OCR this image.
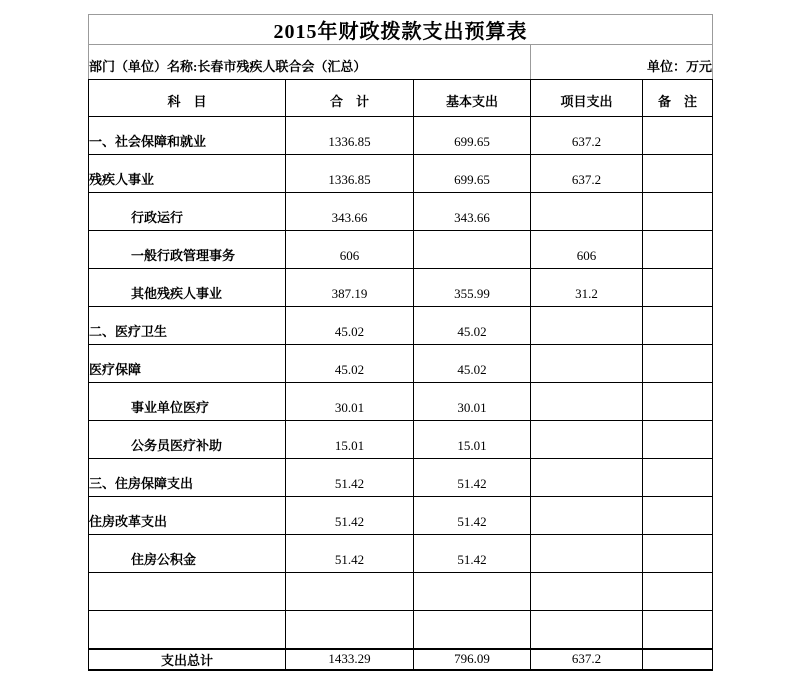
2015年财政拨款支出预算表				
部门（单位）名称:长春市残疾人联合会（汇总）			单位：万元	
科　目	合　计	基本支出	项目支出	备　注
一、社会保障和就业	1336.85	699.65	637.2	
残疾人事业	1336.85	699.65	637.2	
行政运行	343.66	343.66		
一般行政管理事务	606		606	
其他残疾人事业	387.19	355.99	31.2	
二、医疗卫生	45.02	45.02		
医疗保障	45.02	45.02		
事业单位医疗	30.01	30.01		
公务员医疗补助	15.01	15.01		
三、住房保障支出	51.42	51.42		
住房改革支出	51.42	51.42		
住房公积金	51.42	51.42		

支出总计	1433.29	796.09	637.2	
